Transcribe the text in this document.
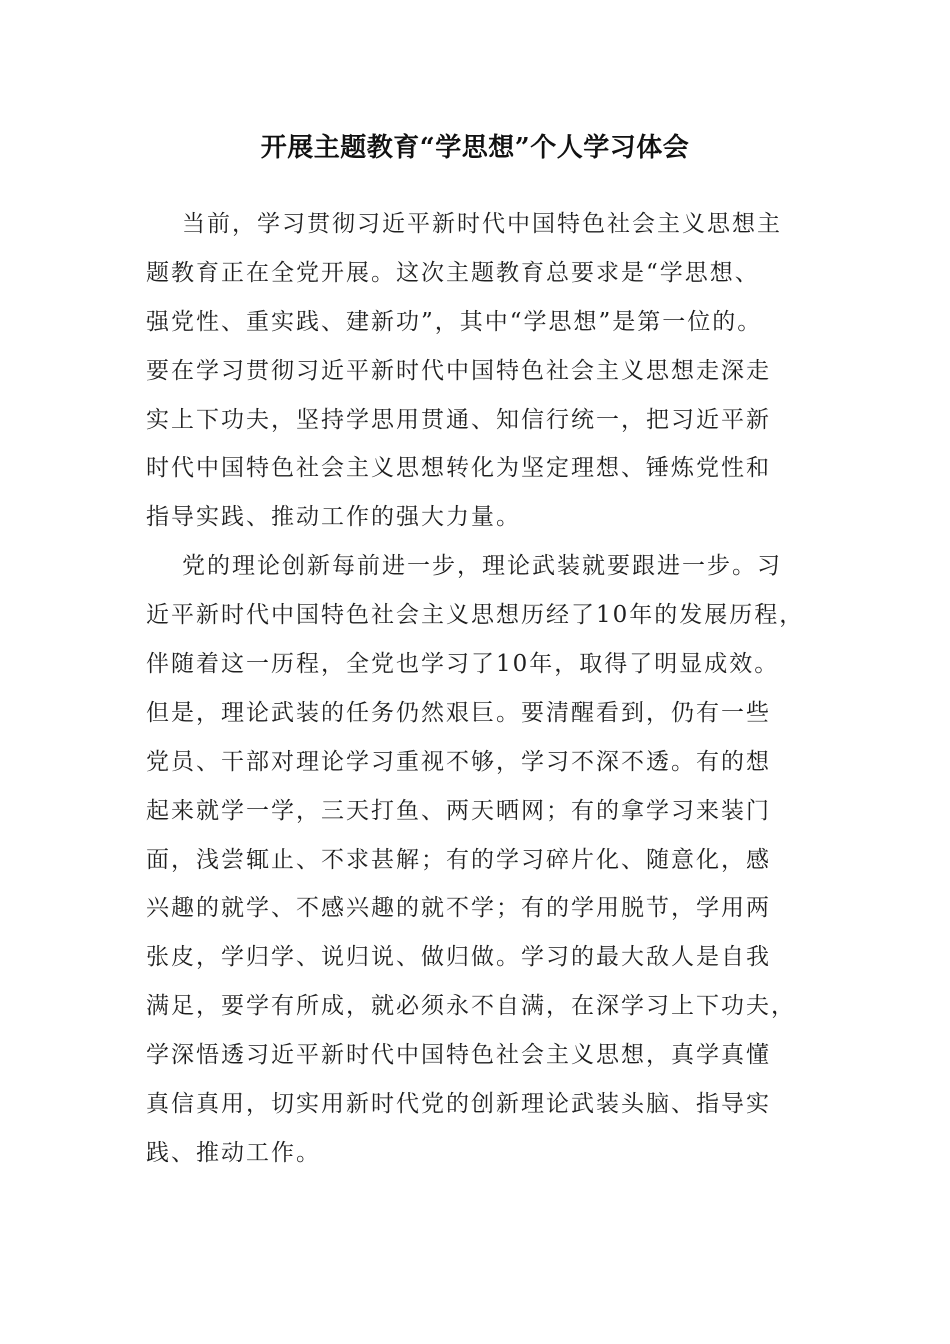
开展主题教育“学思想”个人学习体会
当前，学习贯彻习近平新时代中国特色社会主义思想主
题教育正在全党开展。这次主题教育总要求是“学思想、
强党性、重实践、建新功”，其中“学思想”是第一位的。
要在学习贯彻习近平新时代中国特色社会主义思想走深走
实上下功夫，坚持学思用贯通、知信行统一，把习近平新
时代中国特色社会主义思想转化为坚定理想、锤炼党性和
指导实践、推动工作的强大力量。
党的理论创新每前进一步，理论武装就要跟进一步。习
近平新时代中国特色社会主义思想历经了10年的发展历程，
伴随着这一历程，全党也学习了10年，取得了明显成效。
但是，理论武装的任务仍然艰巨。要清醒看到，仍有一些
党员、干部对理论学习重视不够，学习不深不透。有的想
起来就学一学，三天打鱼、两天晒网；有的拿学习来装门
面，浅尝辄止、不求甚解；有的学习碎片化、随意化，感
兴趣的就学、不感兴趣的就不学；有的学用脱节，学用两
张皮，学归学、说归说、做归做。学习的最大敌人是自我
满足，要学有所成，就必须永不自满，在深学习上下功夫，
学深悟透习近平新时代中国特色社会主义思想，真学真懂
真信真用，切实用新时代党的创新理论武装头脑、指导实
践、推动工作。
